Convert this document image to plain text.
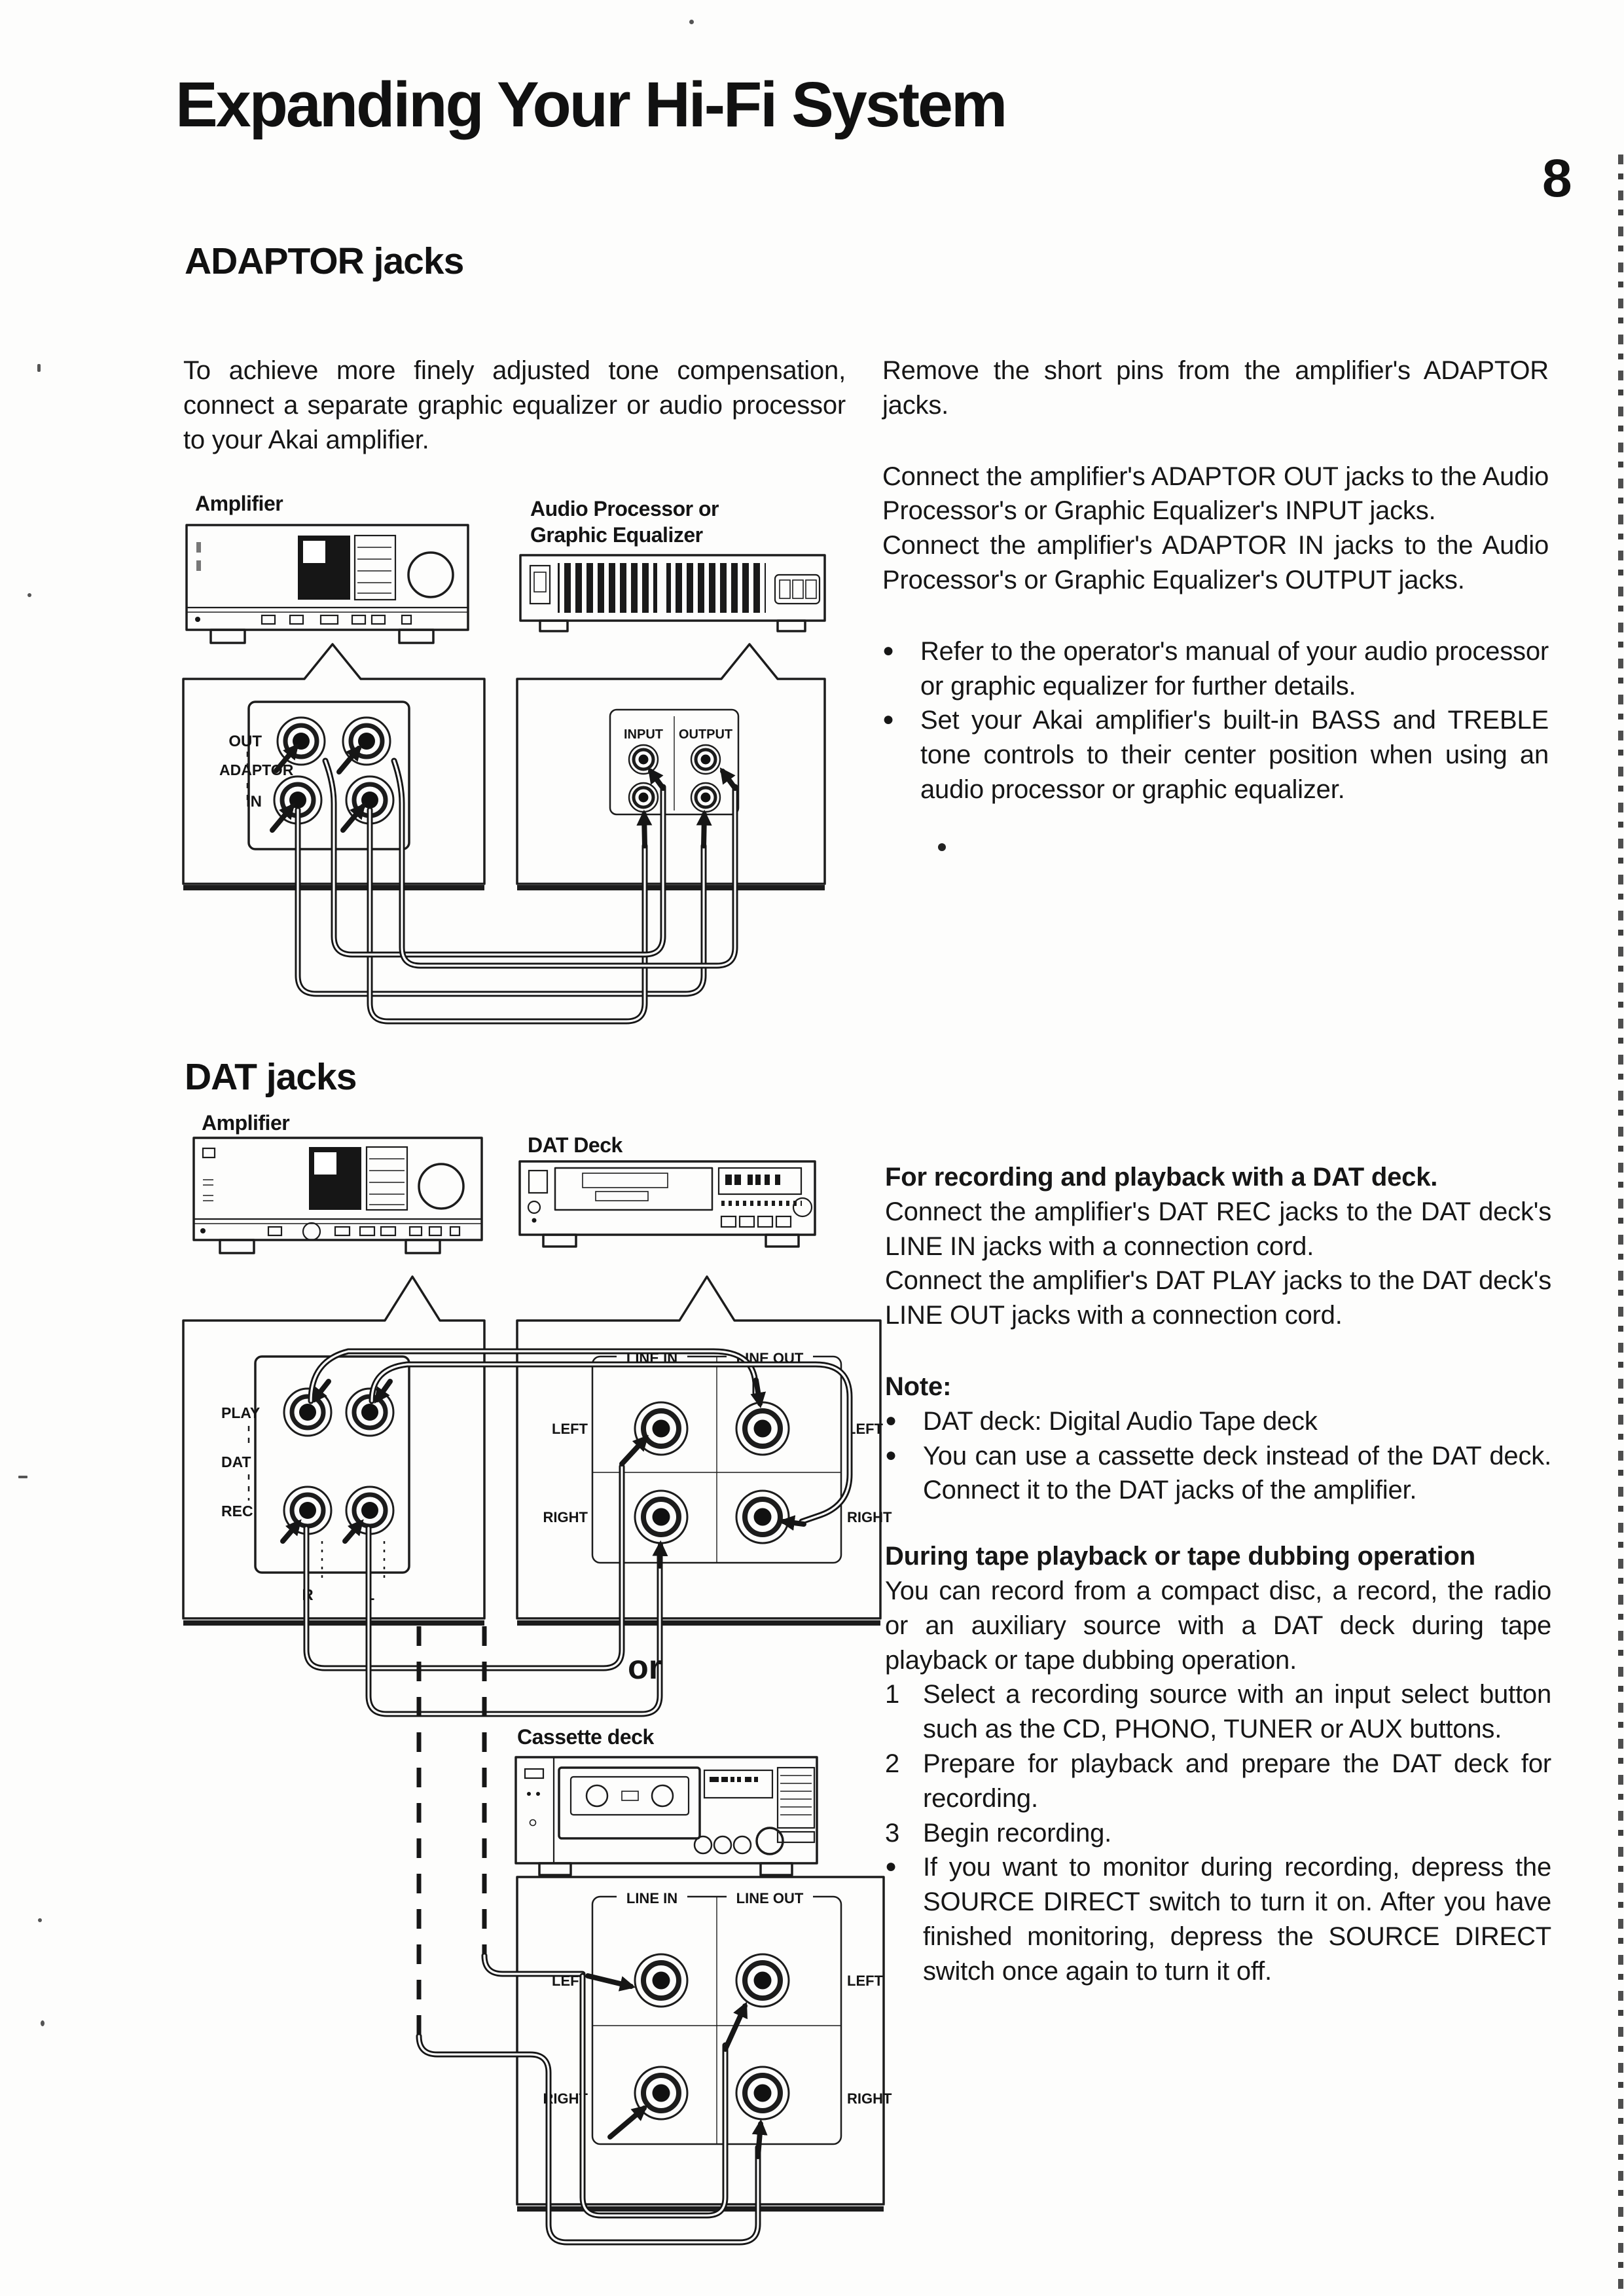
Expanding Your Hi-Fi System
8
ADAPTOR jacks

To achieve more finely adjusted tone compensation, connect a separate graphic equalizer or audio processor to your Akai amplifier.

Remove the short pins from the amplifier's ADAPTOR jacks.

Connect the amplifier's ADAPTOR OUT jacks to the Audio Processor's or Graphic Equalizer's INPUT jacks.

Connect the amplifier's ADAPTOR IN jacks to the Audio Processor's or Graphic Equalizer's OUTPUT jacks.

●	Refer to the operator's manual of your audio processor or graphic equalizer for further details.
●	Set your Akai amplifier's built-in BASS and TREBLE tone controls to their center position when using an audio processor or graphic equalizer.
Amplifier	Audio Processor or
Graphic Equalizer
OUT
ADAPTOR
IN
INPUT OUTPUT
DAT jacks
Amplifier
DAT Deck
PLAY
DAT
REC
R	L
LINE IN	LINE OUT
LEFT	LEFT
RIGHT	RIGHT
or
Cassette deck
LINE IN	LINE OUT
LEFT	LEFT
RIGHT	RIGHT

For recording and playback with a DAT deck.

Connect the amplifier's DAT REC jacks to the DAT deck's LINE IN jacks with a connection cord.

Connect the amplifier's DAT PLAY jacks to the DAT deck's LINE OUT jacks with a connection cord.

Note:

●	DAT deck: Digital Audio Tape deck
●	You can use a cassette deck instead of the DAT deck. Connect it to the DAT jacks of the amplifier.

During tape playback or tape dubbing operation

You can record from a compact disc, a record, the radio or an auxiliary source with a DAT deck during tape playback or tape dubbing operation.

1 Select a recording source with an input select button such as the CD, PHONO, TUNER or AUX buttons.
2 Prepare for playback and prepare the DAT deck for recording.
3 Begin recording.
●	If you want to monitor during recording, depress the SOURCE DIRECT switch to turn it on. After you have finished monitoring, depress the SOURCE DIRECT switch once again to turn it off.
